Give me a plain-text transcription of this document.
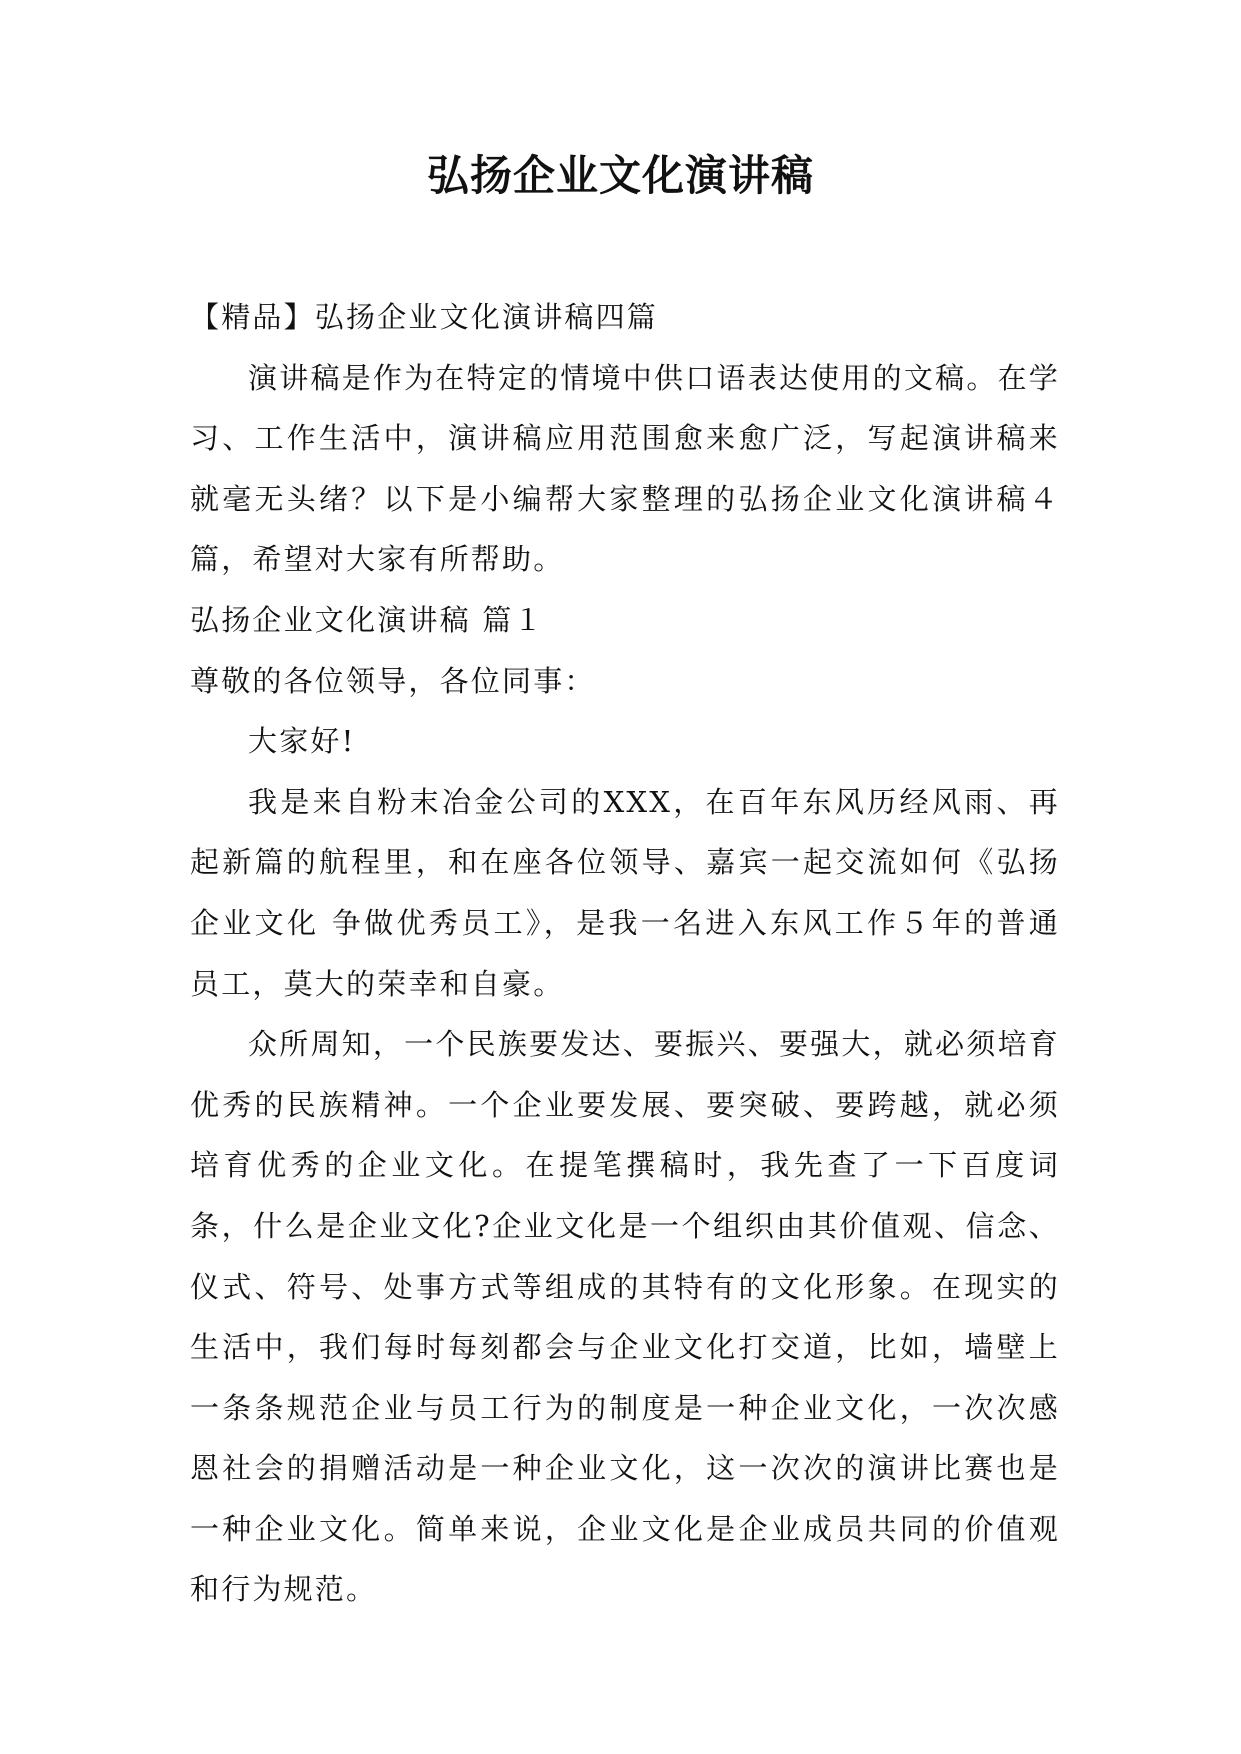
弘扬企业文化演讲稿

【精品】弘扬企业文化演讲稿四篇

演讲稿是作为在特定的情境中供口语表达使用的文稿。在学习、工作生活中，演讲稿应用范围愈来愈广泛，写起演讲稿来就毫无头绪？以下是小编帮大家整理的弘扬企业文化演讲稿４篇，希望对大家有所帮助。

弘扬企业文化演讲稿 篇１

尊敬的各位领导，各位同事：

大家好!

我是来自粉末冶金公司的XXX，在百年东风历经风雨、再起新篇的航程里，和在座各位领导、嘉宾一起交流如何《弘扬企业文化 争做优秀员工》，是我一名进入东风工作５年的普通员工，莫大的荣幸和自豪。

众所周知，一个民族要发达、要振兴、要强大，就必须培育优秀的民族精神。一个企业要发展、要突破、要跨越，就必须培育优秀的企业文化。在提笔撰稿时，我先查了一下百度词条，什么是企业文化?企业文化是一个组织由其价值观、信念、仪式、符号、处事方式等组成的其特有的文化形象。在现实的生活中，我们每时每刻都会与企业文化打交道，比如，墙壁上一条条规范企业与员工行为的制度是一种企业文化，一次次感恩社会的捐赠活动是一种企业文化，这一次次的演讲比赛也是一种企业文化。简单来说，企业文化是企业成员共同的价值观和行为规范。
